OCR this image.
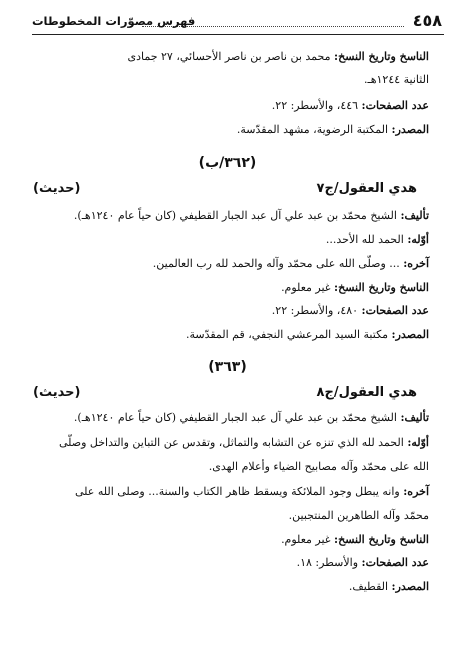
٤٥٨
فهرس مصوّرات المخطوطات
الناسخ وتاريخ النسخ: محمد بن ناصر بن ناصر الأحسائي، ٢٧ جمادى
الثانية ١٢٤٤هـ.
عدد الصفحات: ٤٤٦، والأسطر: ٢٢.
المصدر: المكتبة الرضوية، مشهد المقدّسة.
(٣٦٢/ب)
هدي العقول/ج٧
(حديث)
تأليف: الشيخ محمّد بن عبد علي آل عبد الجبار القطيفي (كان حياً عام ١٢٤٠هـ).
أوّله: الحمد لله الأحد...
آخره: ... وصلّى الله على محمّد وآله والحمد لله رب العالمين.
الناسخ وتاريخ النسخ: غير معلوم.
عدد الصفحات: ٤٨٠، والأسطر: ٢٢.
المصدر: مكتبة السيد المرعشي النجفي، قم المقدّسة.
(٣٦٣)
هدي العقول/ج٨
(حديث)
تأليف: الشيخ محمّد بن عبد علي آل عبد الجبار القطيفي (كان حياً عام ١٢٤٠هـ).
أوّله: الحمد لله الذي تنزه عن التشابه والتماثل، وتقدس عن التباين والتداخل وصلّى
الله على محمّد وآله مصابيح الضياء وأعلام الهدى.
آخره: وانه يبطل وجود الملائكة ويسقط ظاهر الكتاب والسنة... وصلى الله على
محمّد وآله الطاهرين المنتجبين.
الناسخ وتاريخ النسخ: غير معلوم.
عدد الصفحات: والأسطر: ١٨.
المصدر: القطيف.
